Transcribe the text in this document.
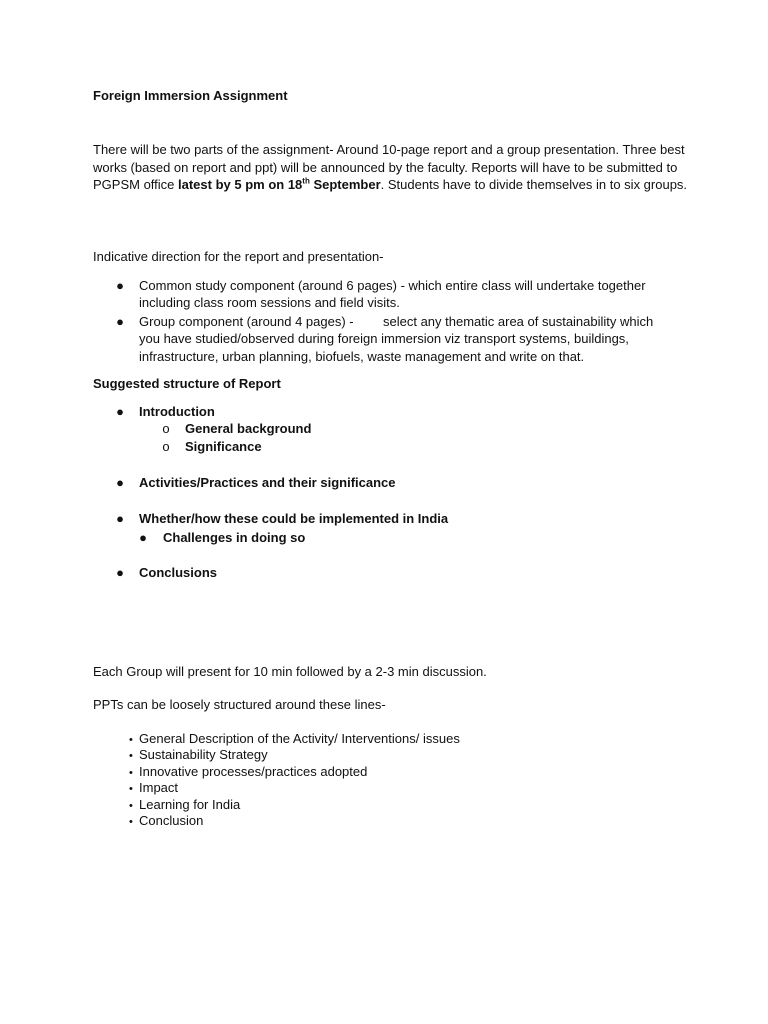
Foreign Immersion Assignment
There will be two parts of the assignment- Around 10-page report and a group presentation. Three best works (based on report and ppt) will be announced by the faculty. Reports will have to be submitted to PGPSM office latest by 5 pm on 18th September. Students have to divide themselves in to six groups.
Indicative direction for the report and presentation-
● Common study component (around 6 pages) - which entire class will undertake together
including class room sessions and field visits.
● Group component (around 4 pages) - select any thematic area of sustainability which
you have studied/observed during foreign immersion viz transport systems, buildings,
infrastructure, urban planning, biofuels, waste management and write on that.
Suggested structure of Report
● Introduction
o General background
o Significance
● Activities/Practices and their significance
● Whether/how these could be implemented in India
● Challenges in doing so
● Conclusions
Each Group will present for 10 min followed by a 2-3 min discussion.
PPTs can be loosely structured around these lines-
• General Description of the Activity/ Interventions/ issues
• Sustainability Strategy
• Innovative processes/practices adopted
• Impact
• Learning for India
• Conclusion
